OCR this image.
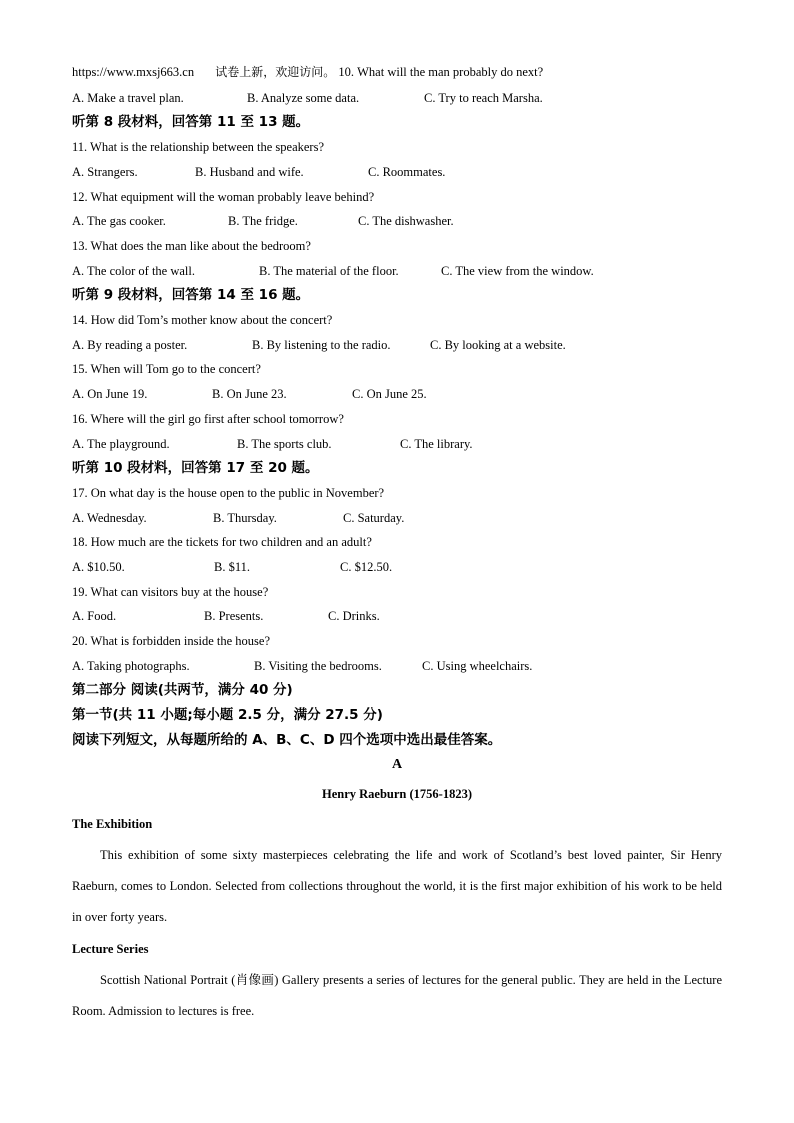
https://www.mxsj663.cn 试卷上新，欢迎访问。 10. What will the man probably do next?
A. Make a travel plan.	B. Analyze some data.	C. Try to reach Marsha.
听第 8 段材料，回答第 11 至 13 题。
11. What is the relationship between the speakers?
A. Strangers.	B. Husband and wife.	C. Roommates.
12. What equipment will the woman probably leave behind?
A. The gas cooker.	B. The fridge.	C. The dishwasher.
13. What does the man like about the bedroom?
A. The color of the wall.	B. The material of the floor.	C. The view from the window.
听第 9 段材料，回答第 14 至 16 题。
14. How did Tom’s mother know about the concert?
A. By reading a poster.	B. By listening to the radio.	C. By looking at a website.
15. When will Tom go to the concert?
A. On June 19.	B. On June 23.	C. On June 25.
16. Where will the girl go first after school tomorrow?
A. The playground.	B. The sports club.	C. The library.
听第 10 段材料，回答第 17 至 20 题。
17. On what day is the house open to the public in November?
A. Wednesday.	B. Thursday.	C. Saturday.
18. How much are the tickets for two children and an adult?
A. $10.50.	B. $11.	C. $12.50.
19. What can visitors buy at the house?
A. Food.	B. Presents.	C. Drinks.
20. What is forbidden inside the house?
A. Taking photographs.	B. Visiting the bedrooms.	C. Using wheelchairs.
第二部分 阅读(共两节，满分 40 分)
第一节(共 11 小题;每小题 2.5 分，满分 27.5 分)
阅读下列短文，从每题所给的 A、B、C、D 四个选项中选出最佳答案。
A
Henry Raeburn (1756-1823)
The Exhibition
This exhibition of some sixty masterpieces celebrating the life and work of Scotland’s best loved painter, Sir Henry Raeburn, comes to London. Selected from collections throughout the world, it is the first major exhibition of his work to be held in over forty years.
Lecture Series
Scottish National Portrait (肖像画) Gallery presents a series of lectures for the general public. They are held in the Lecture Room. Admission to lectures is free.
